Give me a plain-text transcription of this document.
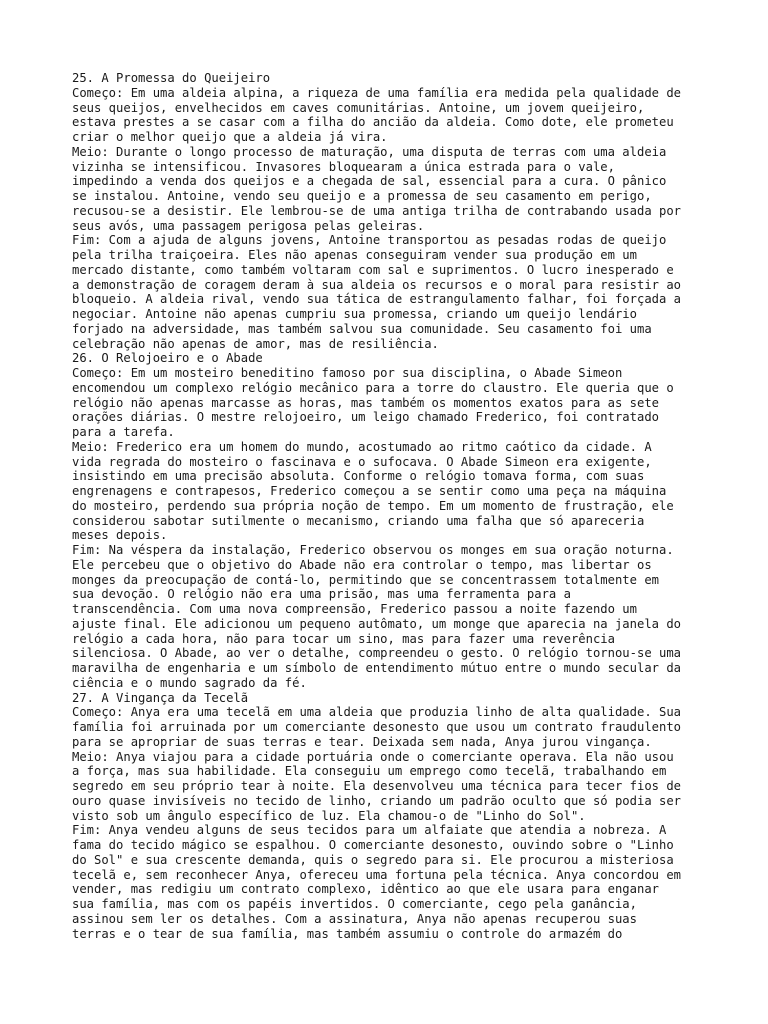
25. A Promessa do Queijeiro
Começo: Em uma aldeia alpina, a riqueza de uma família era medida pela qualidade de
seus queijos, envelhecidos em caves comunitárias. Antoine, um jovem queijeiro,
estava prestes a se casar com a filha do ancião da aldeia. Como dote, ele prometeu
criar o melhor queijo que a aldeia já vira.
Meio: Durante o longo processo de maturação, uma disputa de terras com uma aldeia
vizinha se intensificou. Invasores bloquearam a única estrada para o vale,
impedindo a venda dos queijos e a chegada de sal, essencial para a cura. O pânico
se instalou. Antoine, vendo seu queijo e a promessa de seu casamento em perigo,
recusou-se a desistir. Ele lembrou-se de uma antiga trilha de contrabando usada por
seus avós, uma passagem perigosa pelas geleiras.
Fim: Com a ajuda de alguns jovens, Antoine transportou as pesadas rodas de queijo
pela trilha traiçoeira. Eles não apenas conseguiram vender sua produção em um
mercado distante, como também voltaram com sal e suprimentos. O lucro inesperado e
a demonstração de coragem deram à sua aldeia os recursos e o moral para resistir ao
bloqueio. A aldeia rival, vendo sua tática de estrangulamento falhar, foi forçada a
negociar. Antoine não apenas cumpriu sua promessa, criando um queijo lendário
forjado na adversidade, mas também salvou sua comunidade. Seu casamento foi uma
celebração não apenas de amor, mas de resiliência.
26. O Relojoeiro e o Abade
Começo: Em um mosteiro beneditino famoso por sua disciplina, o Abade Simeon
encomendou um complexo relógio mecânico para a torre do claustro. Ele queria que o
relógio não apenas marcasse as horas, mas também os momentos exatos para as sete
orações diárias. O mestre relojoeiro, um leigo chamado Frederico, foi contratado
para a tarefa.
Meio: Frederico era um homem do mundo, acostumado ao ritmo caótico da cidade. A
vida regrada do mosteiro o fascinava e o sufocava. O Abade Simeon era exigente,
insistindo em uma precisão absoluta. Conforme o relógio tomava forma, com suas
engrenagens e contrapesos, Frederico começou a se sentir como uma peça na máquina
do mosteiro, perdendo sua própria noção de tempo. Em um momento de frustração, ele
considerou sabotar sutilmente o mecanismo, criando uma falha que só apareceria
meses depois.
Fim: Na véspera da instalação, Frederico observou os monges em sua oração noturna.
Ele percebeu que o objetivo do Abade não era controlar o tempo, mas libertar os
monges da preocupação de contá-lo, permitindo que se concentrassem totalmente em
sua devoção. O relógio não era uma prisão, mas uma ferramenta para a
transcendência. Com uma nova compreensão, Frederico passou a noite fazendo um
ajuste final. Ele adicionou um pequeno autômato, um monge que aparecia na janela do
relógio a cada hora, não para tocar um sino, mas para fazer uma reverência
silenciosa. O Abade, ao ver o detalhe, compreendeu o gesto. O relógio tornou-se uma
maravilha de engenharia e um símbolo de entendimento mútuo entre o mundo secular da
ciência e o mundo sagrado da fé.
27. A Vingança da Tecelã
Começo: Anya era uma tecelã em uma aldeia que produzia linho de alta qualidade. Sua
família foi arruinada por um comerciante desonesto que usou um contrato fraudulento
para se apropriar de suas terras e tear. Deixada sem nada, Anya jurou vingança.
Meio: Anya viajou para a cidade portuária onde o comerciante operava. Ela não usou
a força, mas sua habilidade. Ela conseguiu um emprego como tecelã, trabalhando em
segredo em seu próprio tear à noite. Ela desenvolveu uma técnica para tecer fios de
ouro quase invisíveis no tecido de linho, criando um padrão oculto que só podia ser
visto sob um ângulo específico de luz. Ela chamou-o de "Linho do Sol".
Fim: Anya vendeu alguns de seus tecidos para um alfaiate que atendia a nobreza. A
fama do tecido mágico se espalhou. O comerciante desonesto, ouvindo sobre o "Linho
do Sol" e sua crescente demanda, quis o segredo para si. Ele procurou a misteriosa
tecelã e, sem reconhecer Anya, ofereceu uma fortuna pela técnica. Anya concordou em
vender, mas redigiu um contrato complexo, idêntico ao que ele usara para enganar
sua família, mas com os papéis invertidos. O comerciante, cego pela ganância,
assinou sem ler os detalhes. Com a assinatura, Anya não apenas recuperou suas
terras e o tear de sua família, mas também assumiu o controle do armazém do
